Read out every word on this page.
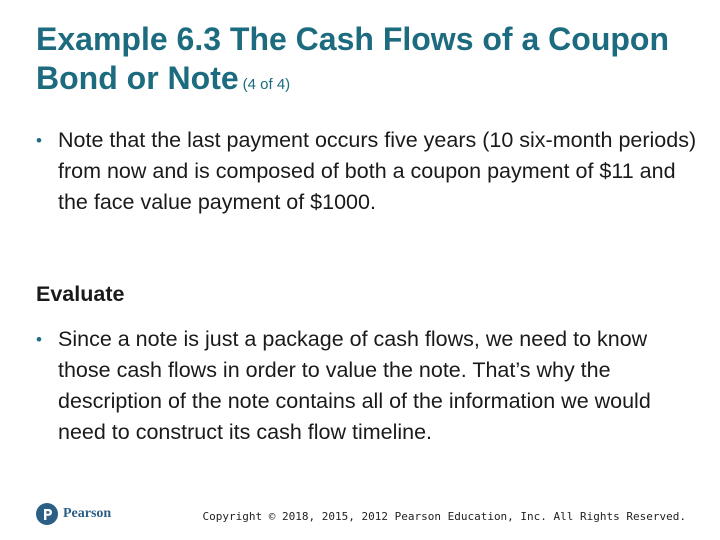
Example 6.3 The Cash Flows of a Coupon Bond or Note (4 of 4)
• Note that the last payment occurs five years (10 six-month periods) from now and is composed of both a coupon payment of $11 and the face value payment of $1000.
Evaluate
• Since a note is just a package of cash flows, we need to know those cash flows in order to value the note. That’s why the description of the note contains all of the information we would need to construct its cash flow timeline.
Pearson	Copyright © 2018, 2015, 2012 Pearson Education, Inc. All Rights Reserved.
